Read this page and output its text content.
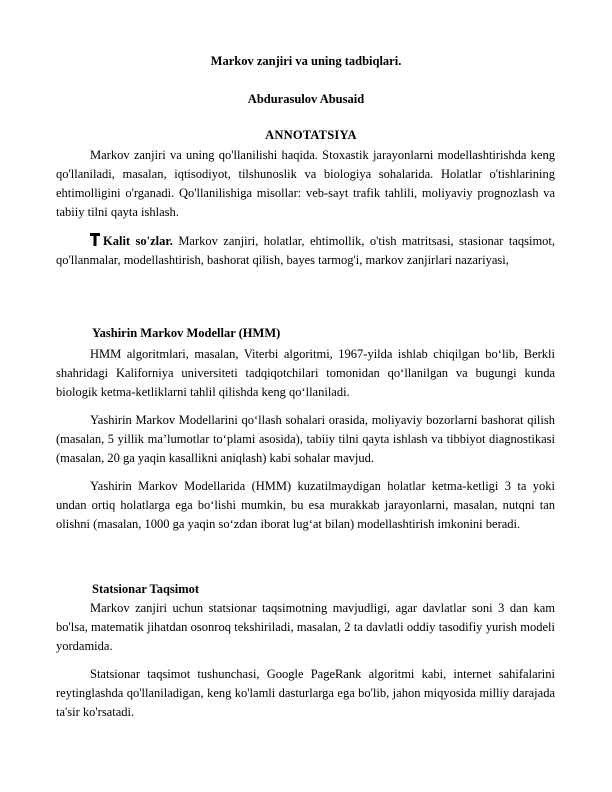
Markov zanjiri va uning tadbiqlari.
Abdurasulov Abusaid
ANNOTATSIYA

Markov zanjiri va uning qo'llanilishi haqida. Stoxastik jarayonlarni modellashtirishda keng qo'llaniladi, masalan, iqtisodiyot, tilshunoslik va biologiya sohalarida. Holatlar o'tishlarining ehtimolligini o'rganadi. Qo'llanilishiga misollar: veb-sayt trafik tahlili, moliyaviy prognozlash va tabiiy tilni qayta ishlash.

Kalit so'zlar. Markov zanjiri, holatlar, ehtimollik, o'tish matritsasi, stasionar taqsimot, qo'llanmalar, modellashtirish, bashorat qilish, bayes tarmog'i, markov zanjirlari nazariyasi,

Yashirin Markov Modellar (HMM)

HMM algoritmlari, masalan, Viterbi algoritmi, 1967-yilda ishlab chiqilgan bo‘lib, Berkli shahridagi Kaliforniya universiteti tadqiqotchilari tomonidan qo‘llanilgan va bugungi kunda biologik ketma-ketliklarni tahlil qilishda keng qo‘llaniladi.

Yashirin Markov Modellarini qo‘llash sohalari orasida, moliyaviy bozorlarni bashorat qilish (masalan, 5 yillik ma’lumotlar to‘plami asosida), tabiiy tilni qayta ishlash va tibbiyot diagnostikasi (masalan, 20 ga yaqin kasallikni aniqlash) kabi sohalar mavjud.

Yashirin Markov Modellarida (HMM) kuzatilmaydigan holatlar ketma-ketligi 3 ta yoki undan ortiq holatlarga ega bo‘lishi mumkin, bu esa murakkab jarayonlarni, masalan, nutqni tan olishni (masalan, 1000 ga yaqin so‘zdan iborat lug‘at bilan) modellashtirish imkonini beradi.

Statsionar Taqsimot

Markov zanjiri uchun statsionar taqsimotning mavjudligi, agar davlatlar soni 3 dan kam bo'lsa, matematik jihatdan osonroq tekshiriladi, masalan, 2 ta davlatli oddiy tasodifiy yurish modeli yordamida.

Statsionar taqsimot tushunchasi, Google PageRank algoritmi kabi, internet sahifalarini reytinglashda qo'llaniladigan, keng ko'lamli dasturlarga ega bo'lib, jahon miqyosida milliy darajada ta'sir ko'rsatadi.
